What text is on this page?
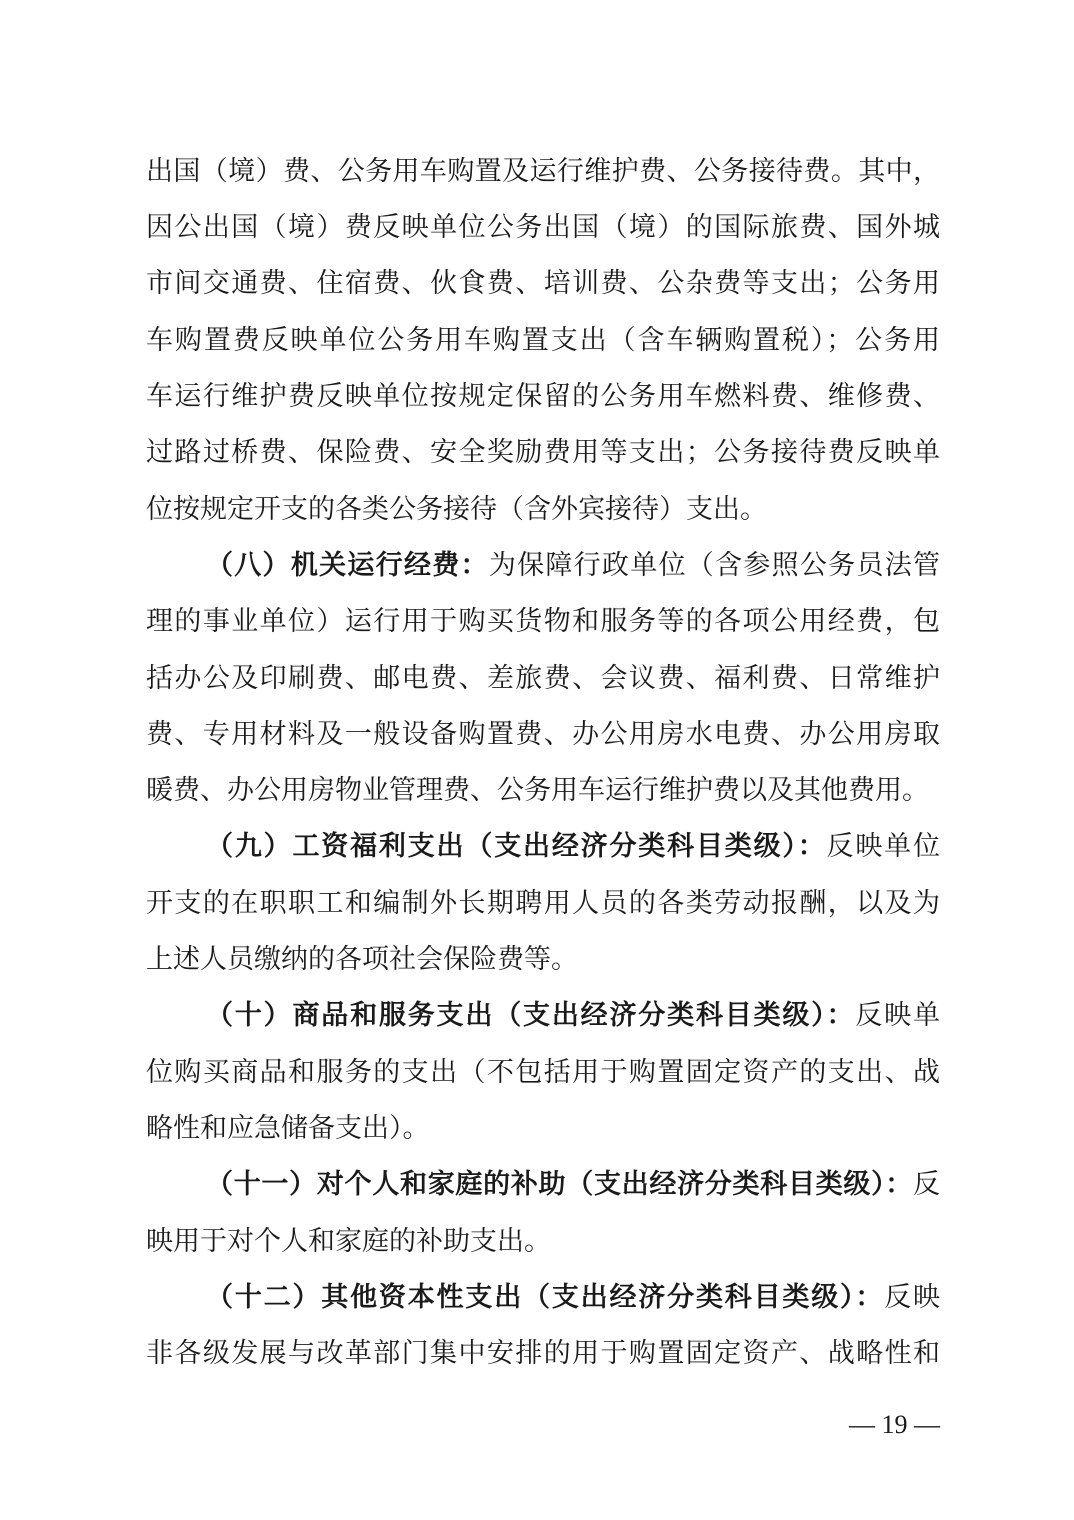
出国（境）费、公务用车购置及运行维护费、公务接待费。其中，
因公出国（境）费反映单位公务出国（境）的国际旅费、国外城
市间交通费、住宿费、伙食费、培训费、公杂费等支出；公务用
车购置费反映单位公务用车购置支出（含车辆购置税）；公务用
车运行维护费反映单位按规定保留的公务用车燃料费、维修费、
过路过桥费、保险费、安全奖励费用等支出；公务接待费反映单
位按规定开支的各类公务接待（含外宾接待）支出。
（八）机关运行经费：为保障行政单位（含参照公务员法管
理的事业单位）运行用于购买货物和服务等的各项公用经费，包
括办公及印刷费、邮电费、差旅费、会议费、福利费、日常维护
费、专用材料及一般设备购置费、办公用房水电费、办公用房取
暖费、办公用房物业管理费、公务用车运行维护费以及其他费用。
（九）工资福利支出（支出经济分类科目类级）：反映单位
开支的在职职工和编制外长期聘用人员的各类劳动报酬，以及为
上述人员缴纳的各项社会保险费等。
（十）商品和服务支出（支出经济分类科目类级）：反映单
位购买商品和服务的支出（不包括用于购置固定资产的支出、战
略性和应急储备支出）。
（十一）对个人和家庭的补助（支出经济分类科目类级）：反
映用于对个人和家庭的补助支出。
（十二）其他资本性支出（支出经济分类科目类级）：反映
非各级发展与改革部门集中安排的用于购置固定资产、战略性和
— 19 —
